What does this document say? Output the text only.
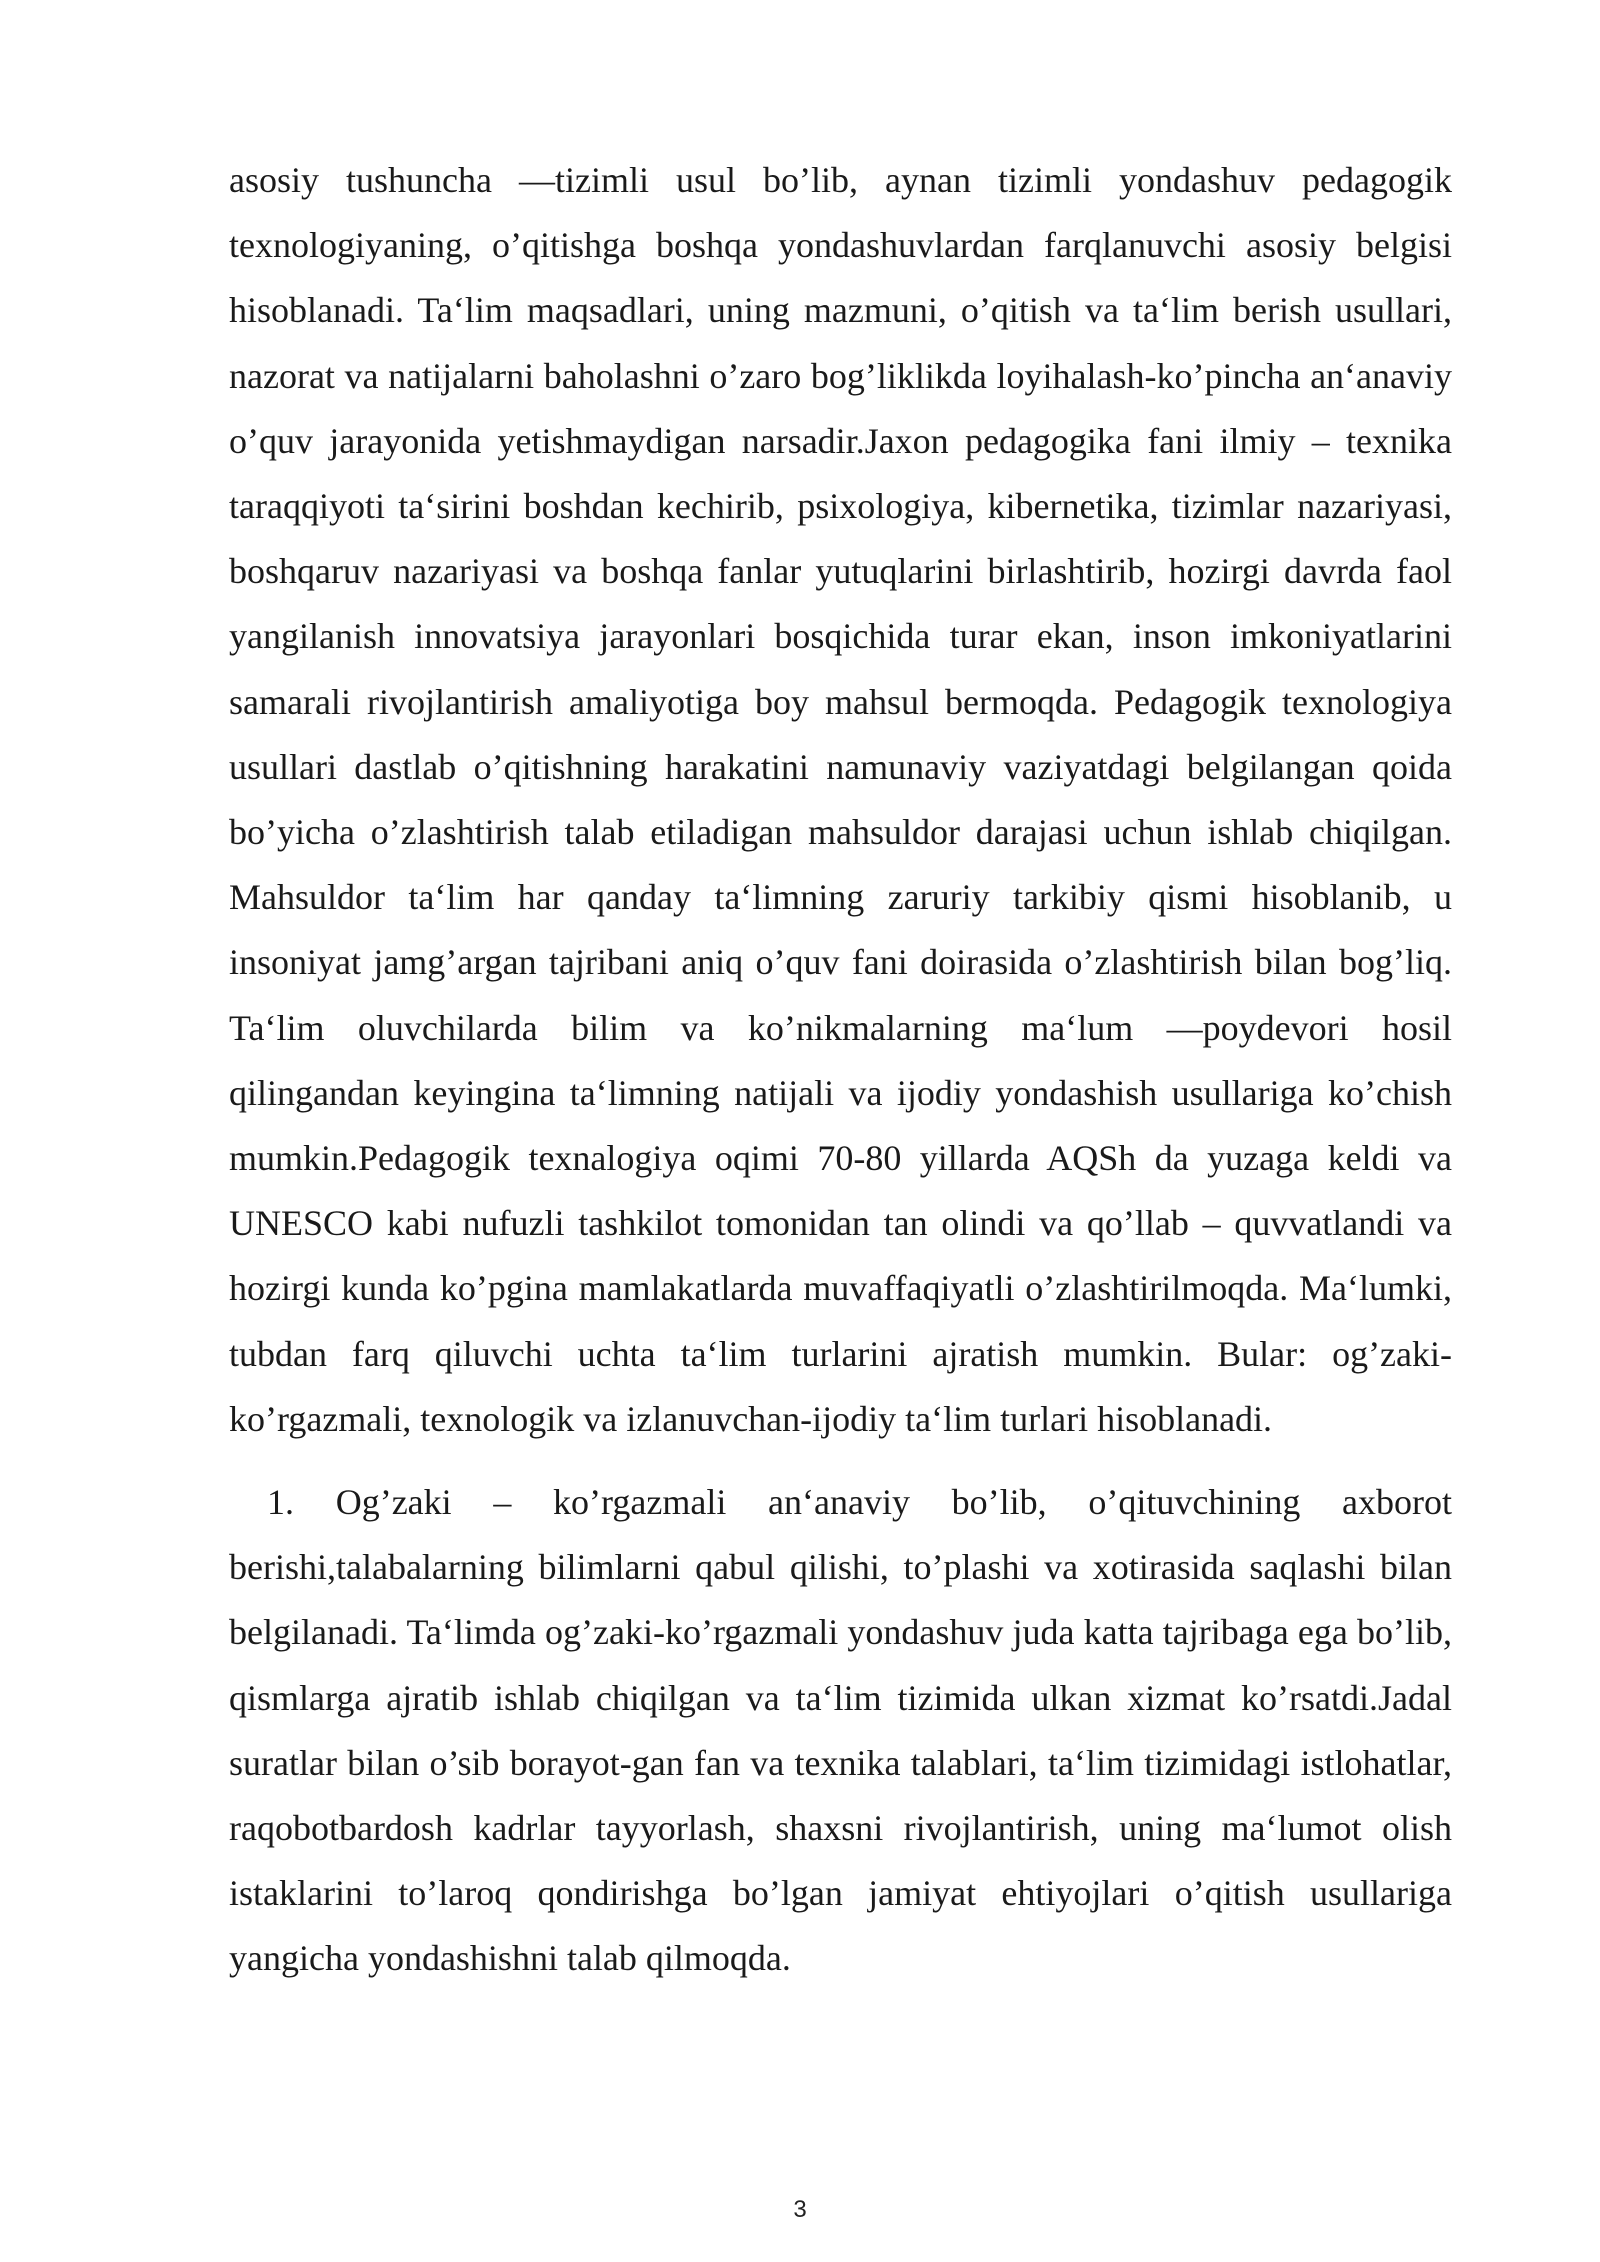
asosiy tushuncha —tizimli usul bo’lib, aynan tizimli yondashuv pedagogik texnologiyaning, o’qitishga boshqa yondashuvlardan farqlanuvchi asosiy belgisi hisoblanadi. Ta‘lim maqsadlari, uning mazmuni, o’qitish va ta‘lim berish usullari, nazorat va natijalarni baholashni o’zaro bog’liklikda loyihalash-ko’pincha an‘anaviy o’quv jarayonida yetishmaydigan narsadir.Jaxon pedagogika fani ilmiy – texnika taraqqiyoti ta‘sirini boshdan kechirib, psixologiya, kibernetika, tizimlar nazariyasi, boshqaruv nazariyasi va boshqa fanlar yutuqlarini birlashtirib, hozirgi davrda faol yangilanish innovatsiya jarayonlari bosqichida turar ekan, inson imkoniyatlarini samarali rivojlantirish amaliyotiga boy mahsul bermoqda. Pedagogik texnologiya usullari dastlab o’qitishning harakatini namunaviy vaziyatdagi belgilangan qoida bo’yicha o’zlashtirish talab etiladigan mahsuldor darajasi uchun ishlab chiqilgan. Mahsuldor ta‘lim har qanday ta‘limning zaruriy tarkibiy qismi hisoblanib, u insoniyat jamg’argan tajribani aniq o’quv fani doirasida o’zlashtirish bilan bog’liq. Ta‘lim oluvchilarda bilim va ko’nikmalarning ma‘lum —poydevori hosil qilingandan keyingina ta‘limning natijali va ijodiy yondashish usullariga ko’chish mumkin.Pedagogik texnalogiya oqimi 70-80 yillarda AQSh da yuzaga keldi va UNESCO kabi nufuzli tashkilot tomonidan tan olindi va qo’llab – quvvatlandi va hozirgi kunda ko’pgina mamlakatlarda muvaffaqiyatli o’zlashtirilmoqda. Ma‘lumki, tubdan farq qiluvchi uchta ta‘lim turlarini ajratish mumkin. Bular: og’zaki- ko’rgazmali, texnologik va izlanuvchan-ijodiy ta‘lim turlari hisoblanadi.

1. Og’zaki – ko’rgazmali an‘anaviy bo’lib, o’qituvchining axborot berishi,talabalarning bilimlarni qabul qilishi, to’plashi va xotirasida saqlashi bilan belgilanadi. Ta‘limda og’zaki-ko’rgazmali yondashuv juda katta tajribaga ega bo’lib, qismlarga ajratib ishlab chiqilgan va ta‘lim tizimida ulkan xizmat ko’rsatdi.Jadal suratlar bilan o’sib borayot-gan fan va texnika talablari, ta‘lim tizimidagi istlohatlar, raqobotbardosh kadrlar tayyorlash, shaxsni rivojlantirish, uning ma‘lumot olish istaklarini to’laroq qondirishga bo’lgan jamiyat ehtiyojlari o’qitish usullariga yangicha yondashishni talab qilmoqda.

3
